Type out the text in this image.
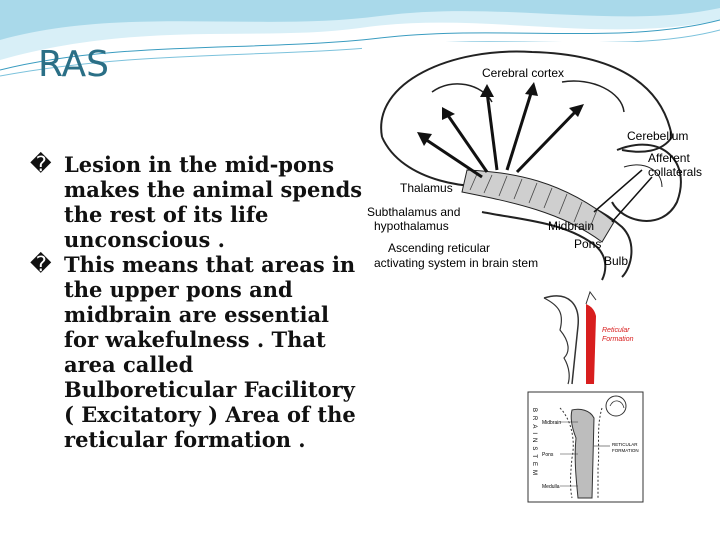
RAS
� Lesion in the mid-pons makes the animal spends the rest of its life unconscious .
� This means that areas in the upper pons and midbrain are essential for wakefulness . That area called Bulboreticular Facilitory ( Excitatory ) Area of the reticular formation .
Cerebral cortex
Cerebellum
Afferent
collaterals
Thalamus
Subthalamus and
hypothalamus	Midbrain
Ascending reticular
activating system in brain stem
Pons
Bulb
Reticular
Formation
BRAINSTEM Midbrain
Pons
Medulla
RETICULAR
FORMATION
